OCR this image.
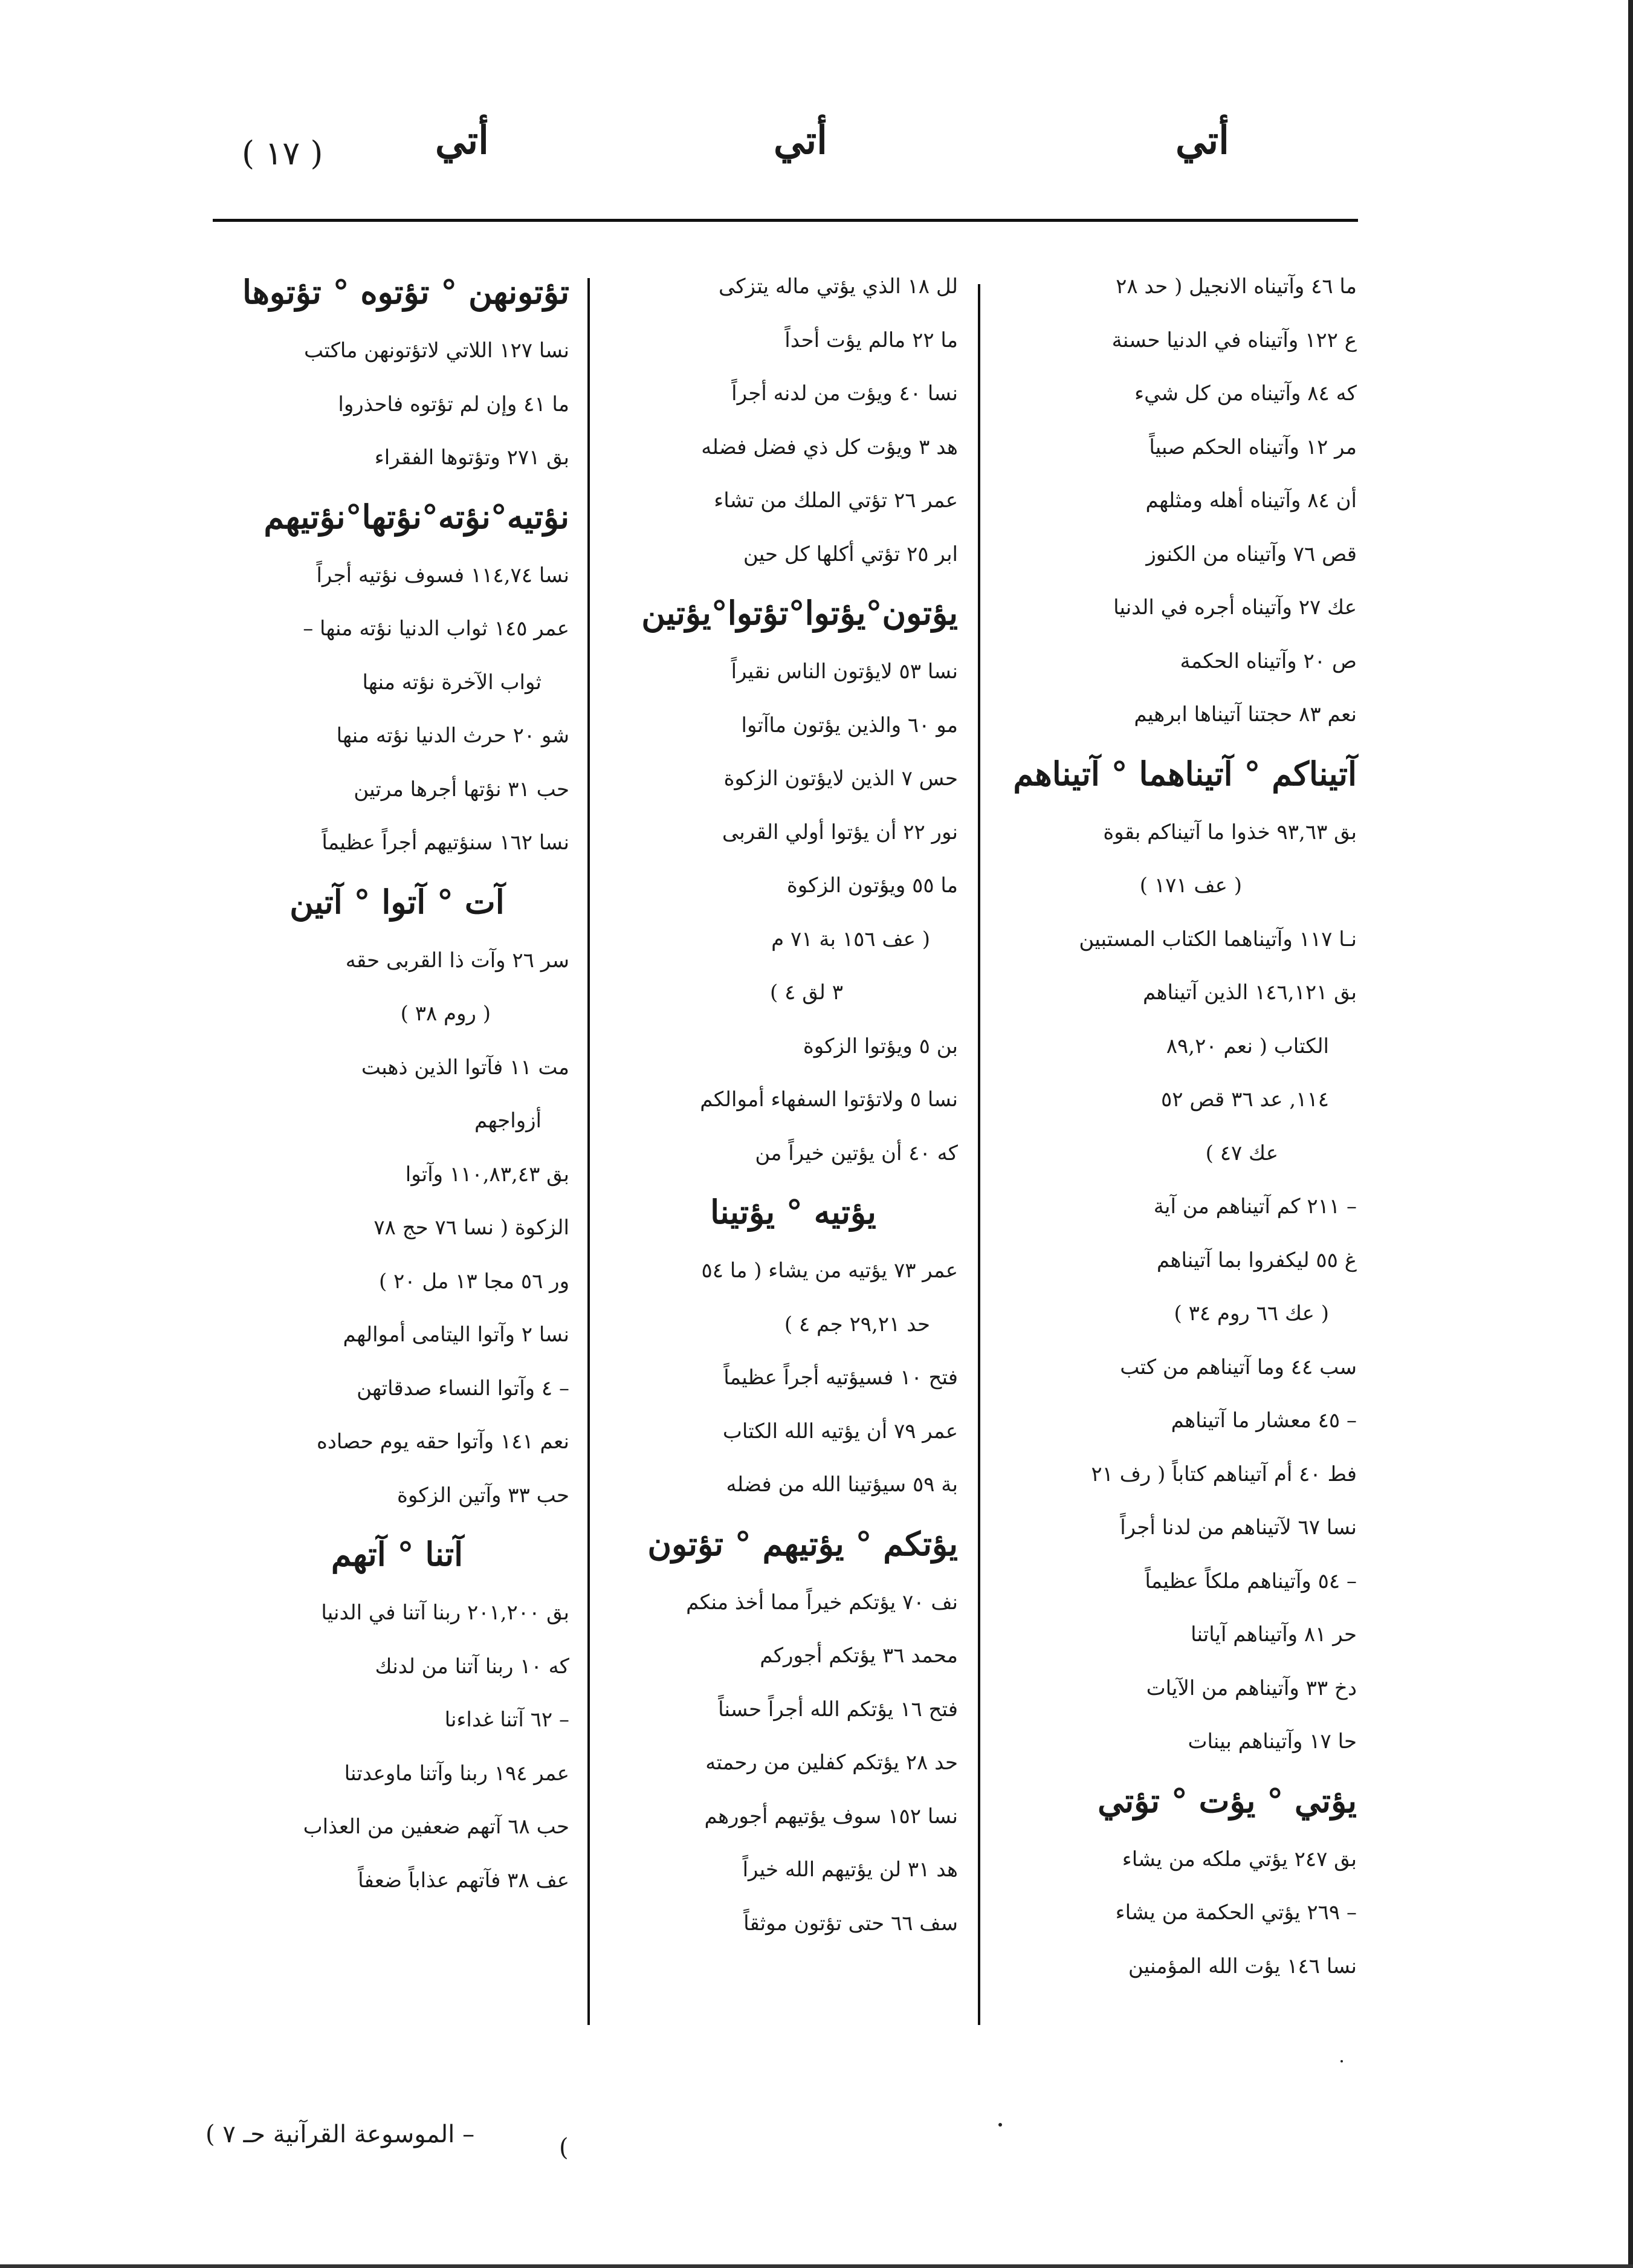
أتي
أتي
أتي
( ١٧ )
ما ٤٦ وآتيناه الانجيل ( حد ٢٨
ع ١٢٢ وآتيناه في الدنيا حسنة
كه ٨٤ وآتيناه من كل شيء
مر ١٢ وآتيناه الحكم صبياً
أن ٨٤ وآتيناه أهله ومثلهم
قص ٧٦ وآتيناه من الكنوز
عك ٢٧ وآتيناه أجره في الدنيا
ص ٢٠ وآتيناه الحكمة
نعم ٨٣ حجتنا آتيناها ابرهيم
آتيناكم ° آتيناهما ° آتيناهم
بق ٩٣,٦٣ خذوا ما آتيناكم بقوة
( عف ١٧١ )
نـا ١١٧ وآتيناهما الكتاب المستبين
بق ١٤٦,١٢١ الذين آتيناهم
الكتاب ( نعم ٨٩,٢٠
١١٤, عد ٣٦ قص ٥٢
عك ٤٧ )
– ٢١١ كم آتيناهم من آية
غ ٥٥ ليكفروا بما آتيناهم
( عك ٦٦ روم ٣٤ )
سب ٤٤ وما آتيناهم من كتب
– ٤٥ معشار ما آتيناهم
فط ٤٠ أم آتيناهم كتاباً ( رف ٢١
نسا ٦٧ لآتيناهم من لدنا أجراً
– ٥٤ وآتيناهم ملكاً عظيماً
حر ٨١ وآتيناهم آياتنا
دخ ٣٣ وآتيناهم من الآيات
حا ١٧ وآتيناهم بينات
يؤتي ° يؤت ° تؤتي
بق ٢٤٧ يؤتي ملكه من يشاء
– ٢٦٩ يؤتي الحكمة من يشاء
نسا ١٤٦ يؤت الله المؤمنين
لل ١٨ الذي يؤتي ماله يتزكى
ما ٢٢ مالم يؤت أحداً
نسا ٤٠ ويؤت من لدنه أجراً
هد ٣ ويؤت كل ذي فضل فضله
عمر ٢٦ تؤتي الملك من تشاء
ابر ٢٥ تؤتي أكلها كل حين
يؤتون°يؤتوا°تؤتوا°يؤتين
نسا ٥٣ لايؤتون الناس نقيراً
مو ٦٠ والذين يؤتون ماآتوا
حس ٧ الذين لايؤتون الزكوة
نور ٢٢ أن يؤتوا أولي القربى
ما ٥٥ ويؤتون الزكوة
( عف ١٥٦ بة ٧١ م
٣ لق ٤ )
بن ٥ ويؤتوا الزكوة
نسا ٥ ولاتؤتوا السفهاء أموالكم
كه ٤٠ أن يؤتين خيراً من
يؤتيه ° يؤتينا
عمر ٧٣ يؤتيه من يشاء ( ما ٥٤
حد ٢٩,٢١ جم ٤ )
فتح ١٠ فسيؤتيه أجراً عظيماً
عمر ٧٩ أن يؤتيه الله الكتاب
بة ٥٩ سيؤتينا الله من فضله
يؤتكم ° يؤتيهم ° تؤتون
نف ٧٠ يؤتكم خيراً مما أخذ منكم
محمد ٣٦ يؤتكم أجوركم
فتح ١٦ يؤتكم الله أجراً حسناً
حد ٢٨ يؤتكم كفلين من رحمته
نسا ١٥٢ سوف يؤتيهم أجورهم
هد ٣١ لن يؤتيهم الله خيراً
سف ٦٦ حتى تؤتون موثقاً
تؤتونهن ° تؤتوه ° تؤتوها
نسا ١٢٧ اللاتي لاتؤتونهن ماكتب
ما ٤١ وإن لم تؤتوه فاحذروا
بق ٢٧١ وتؤتوها الفقراء
نؤتيه°نؤته°نؤتها°نؤتيهم
نسا ١١٤,٧٤ فسوف نؤتيه أجراً
عمر ١٤٥ ثواب الدنيا نؤته منها –
ثواب الآخرة نؤته منها
شو ٢٠ حرث الدنيا نؤته منها
حب ٣١ نؤتها أجرها مرتين
نسا ١٦٢ سنؤتيهم أجراً عظيماً
آت ° آتوا ° آتين
سر ٢٦ وآت ذا القربى حقه
( روم ٣٨ )
مت ١١ فآتوا الذين ذهبت
أزواجهم
بق ١١٠,٨٣,٤٣ وآتوا
الزكوة ( نسا ٧٦ حج ٧٨
ور ٥٦ مجا ١٣ مل ٢٠ )
نسا ٢ وآتوا اليتامى أموالهم
– ٤ وآتوا النساء صدقاتهن
نعم ١٤١ وآتوا حقه يوم حصاده
حب ٣٣ وآتين الزكوة
آتنا ° آتهم
بق ٢٠١,٢٠٠ ربنا آتنا في الدنيا
كه ١٠ ربنا آتنا من لدنك
– ٦٢ آتنا غداءنا
عمر ١٩٤ ربنا وآتنا ماوعدتنا
حب ٦٨ آتهم ضعفين من العذاب
عف ٣٨ فآتهم عذاباً ضعفاً
– الموسوعة القرآنية حـ ٧ )	(
